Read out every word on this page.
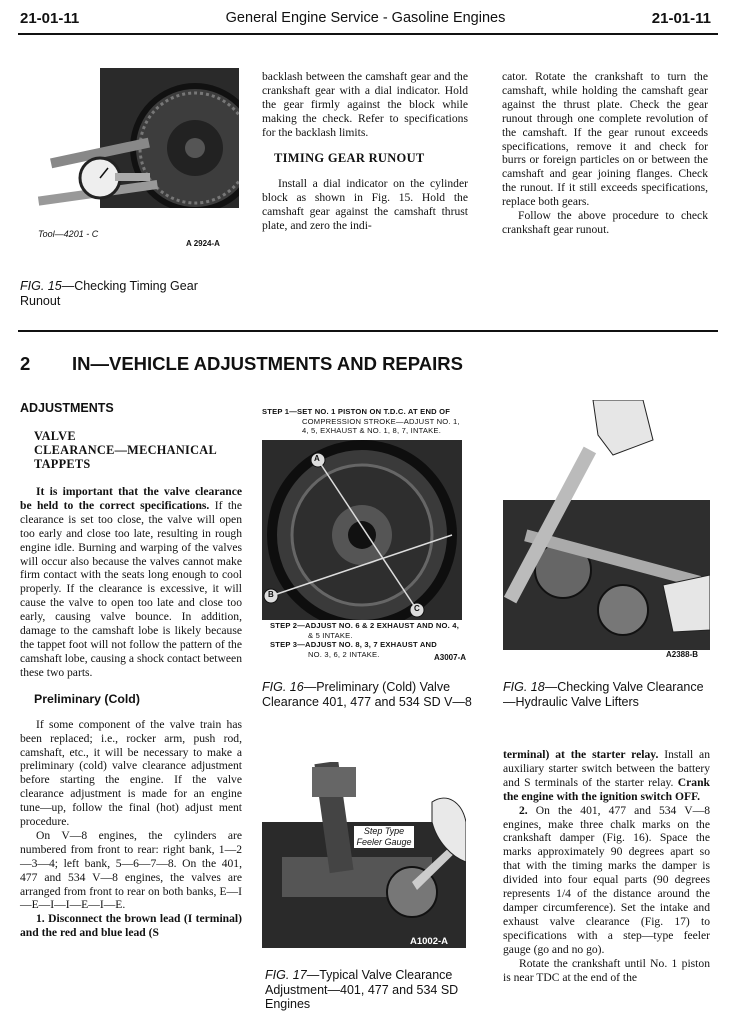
21-01-11	General Engine Service - Gasoline Engines	21-01-11
Tool—4201 - C
A 2924-A
FIG. 15—Checking Timing Gear Runout

backlash between the camshaft gear and the crankshaft gear with a dial indicator. Hold the gear firmly against the block while making the check. Refer to specifications for the backlash limits.

TIMING GEAR RUNOUT

Install a dial indicator on the cylinder block as shown in Fig. 15. Hold the camshaft gear against the camshaft thrust plate, and zero the indi-

cator. Rotate the crankshaft to turn the camshaft, while holding the camshaft gear against the thrust plate. Check the gear runout through one complete revolution of the camshaft. If the gear runout exceeds specifications, remove it and check for burrs or foreign particles on or between the camshaft and gear joining flanges. Check the runout. If it still exceeds specifications, replace both gears.

Follow the above procedure to check crankshaft gear runout.

2 IN—VEHICLE ADJUSTMENTS AND REPAIRS
ADJUSTMENTS
VALVE
CLEARANCE—MECHANICAL
TAPPETS

It is important that the valve clearance be held to the correct specifications. If the clearance is set too close, the valve will open too early and close too late, resulting in rough engine idle. Burning and warping of the valves will occur also because the valves cannot make firm contact with the seats long enough to cool properly. If the clearance is excessive, it will cause the valve to open too late and close too early, causing valve bounce. In addition, damage to the camshaft lobe is likely because the tappet foot will not follow the pattern of the camshaft lobe, causing a shock contact between these two parts.

Preliminary (Cold)

If some component of the valve train has been replaced; i.e., rocker arm, push rod, camshaft, etc., it will be necessary to make a preliminary (cold) valve clearance adjustment before starting the engine. If the valve clearance adjustment is made for an engine tune—up, follow the final (hot) adjust ment procedure.

On V—8 engines, the cylinders are numbered from front to rear: right bank, 1—2—3—4; left bank, 5—6—7—8. On the 401, 477 and 534 V—8 engines, the valves are arranged from front to rear on both banks, E—I—E—I—I—E—I—E.

1. Disconnect the brown lead (I terminal) and the red and blue lead (S

STEP 1—SET NO. 1 PISTON ON T.D.C. AT END OF
COMPRESSION STROKE—ADJUST NO. 1,
4, 5, EXHAUST & NO. 1, 8, 7, INTAKE.
A
B
C
STEP 2—ADJUST NO. 6 & 2 EXHAUST AND NO. 4,
& 5 INTAKE.
STEP 3—ADJUST NO. 8, 3, 7 EXHAUST AND
NO. 3, 6, 2 INTAKE.	A3007-A
FIG. 16—Preliminary (Cold) Valve Clearance 401, 477 and 534 SD V—8
Step Type
Feeler Gauge
A1002-A
FIG. 17—Typical Valve Clearance Adjustment—401, 477 and 534 SD Engines
A2388-B
FIG. 18—Checking Valve Clearance—Hydraulic Valve Lifters

terminal) at the starter relay. Install an auxiliary starter switch between the battery and S terminals of the starter relay. Crank the engine with the ignition switch OFF.

2. On the 401, 477 and 534 V—8 engines, make three chalk marks on the crankshaft damper (Fig. 16). Space the marks approximately 90 degrees apart so that with the timing marks the damper is divided into four equal parts (90 degrees represents 1/4 of the distance around the damper circumference). Set the intake and exhaust valve clearance (Fig. 17) to specifications with a step—type feeler gauge (go and no go).

Rotate the crankshaft until No. 1 piston is near TDC at the end of the
